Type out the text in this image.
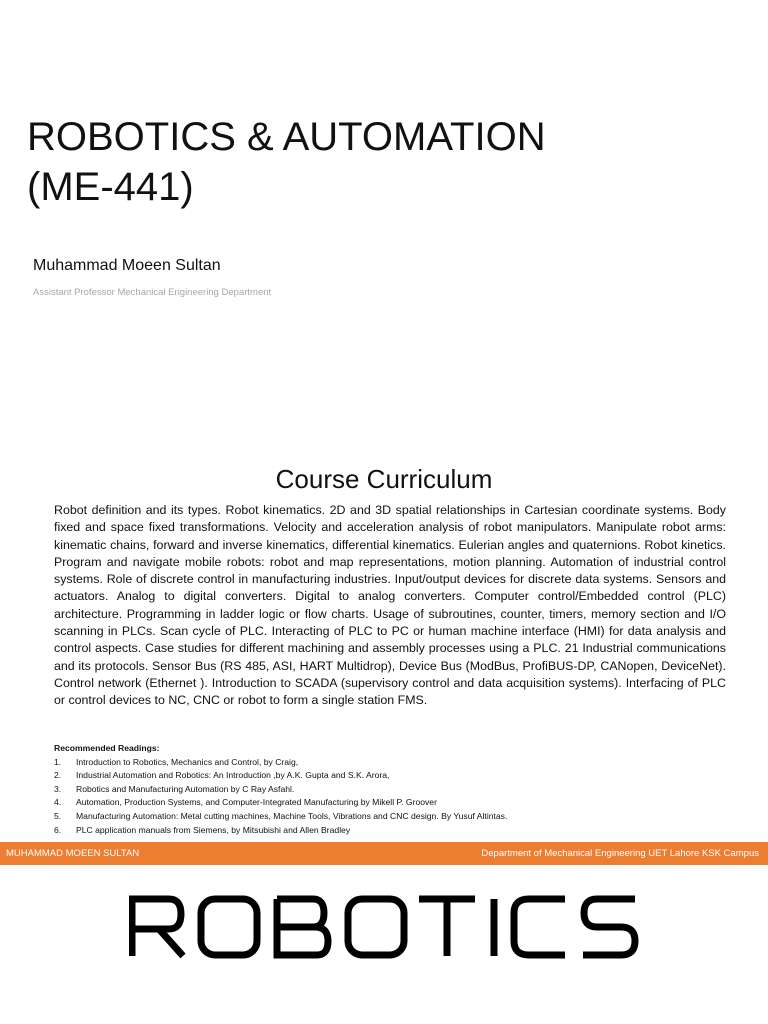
ROBOTICS & AUTOMATION
(ME-441)
Muhammad Moeen Sultan
Assistant Professor Mechanical Engineering Department
Course Curriculum

Robot definition and its types. Robot kinematics. 2D and 3D spatial relationships in Cartesian coordinate systems. Body fixed and space fixed transformations. Velocity and acceleration analysis of robot manipulators. Manipulate robot arms: kinematic chains, forward and inverse kinematics, differential kinematics. Eulerian angles and quaternions. Robot kinetics. Program and navigate mobile robots: robot and map representations, motion planning. Automation of industrial control systems. Role of discrete control in manufacturing industries. Input/output devices for discrete data systems. Sensors and actuators. Analog to digital converters. Digital to analog converters. Computer control/Embedded control (PLC) architecture. Programming in ladder logic or flow charts. Usage of subroutines, counter, timers, memory section and I/O scanning in PLCs. Scan cycle of PLC. Interacting of PLC to PC or human machine interface (HMI) for data analysis and control aspects. Case studies for different machining and assembly processes using a PLC. 21 Industrial communications and its protocols. Sensor Bus (RS 485, ASI, HART Multidrop), Device Bus (ModBus, ProfiBUS-DP, CANopen, DeviceNet). Control network (Ethernet ). Introduction to SCADA (supervisory control and data acquisition systems). Interfacing of PLC or control devices to NC, CNC or robot to form a single station FMS.

Recommended Readings:
1.	Introduction to Robotics, Mechanics and Control, by Craig,
2.	Industrial Automation and Robotics: An Introduction ,by A.K. Gupta and S.K. Arora,
3.	Robotics and Manufacturing Automation by C Ray Asfahl.
4.	Automation, Production Systems, and Computer-Integrated Manufacturing by Mikell P. Groover
5.	Manufacturing Automation: Metal cutting machines, Machine Tools, Vibrations and CNC design. By Yusuf Altintas.
6.	PLC application manuals from Siemens, by Mitsubishi and Allen Bradley
MUHAMMAD MOEEN SULTAN	Department of Mechanical Engineering UET Lahore KSK Campus
